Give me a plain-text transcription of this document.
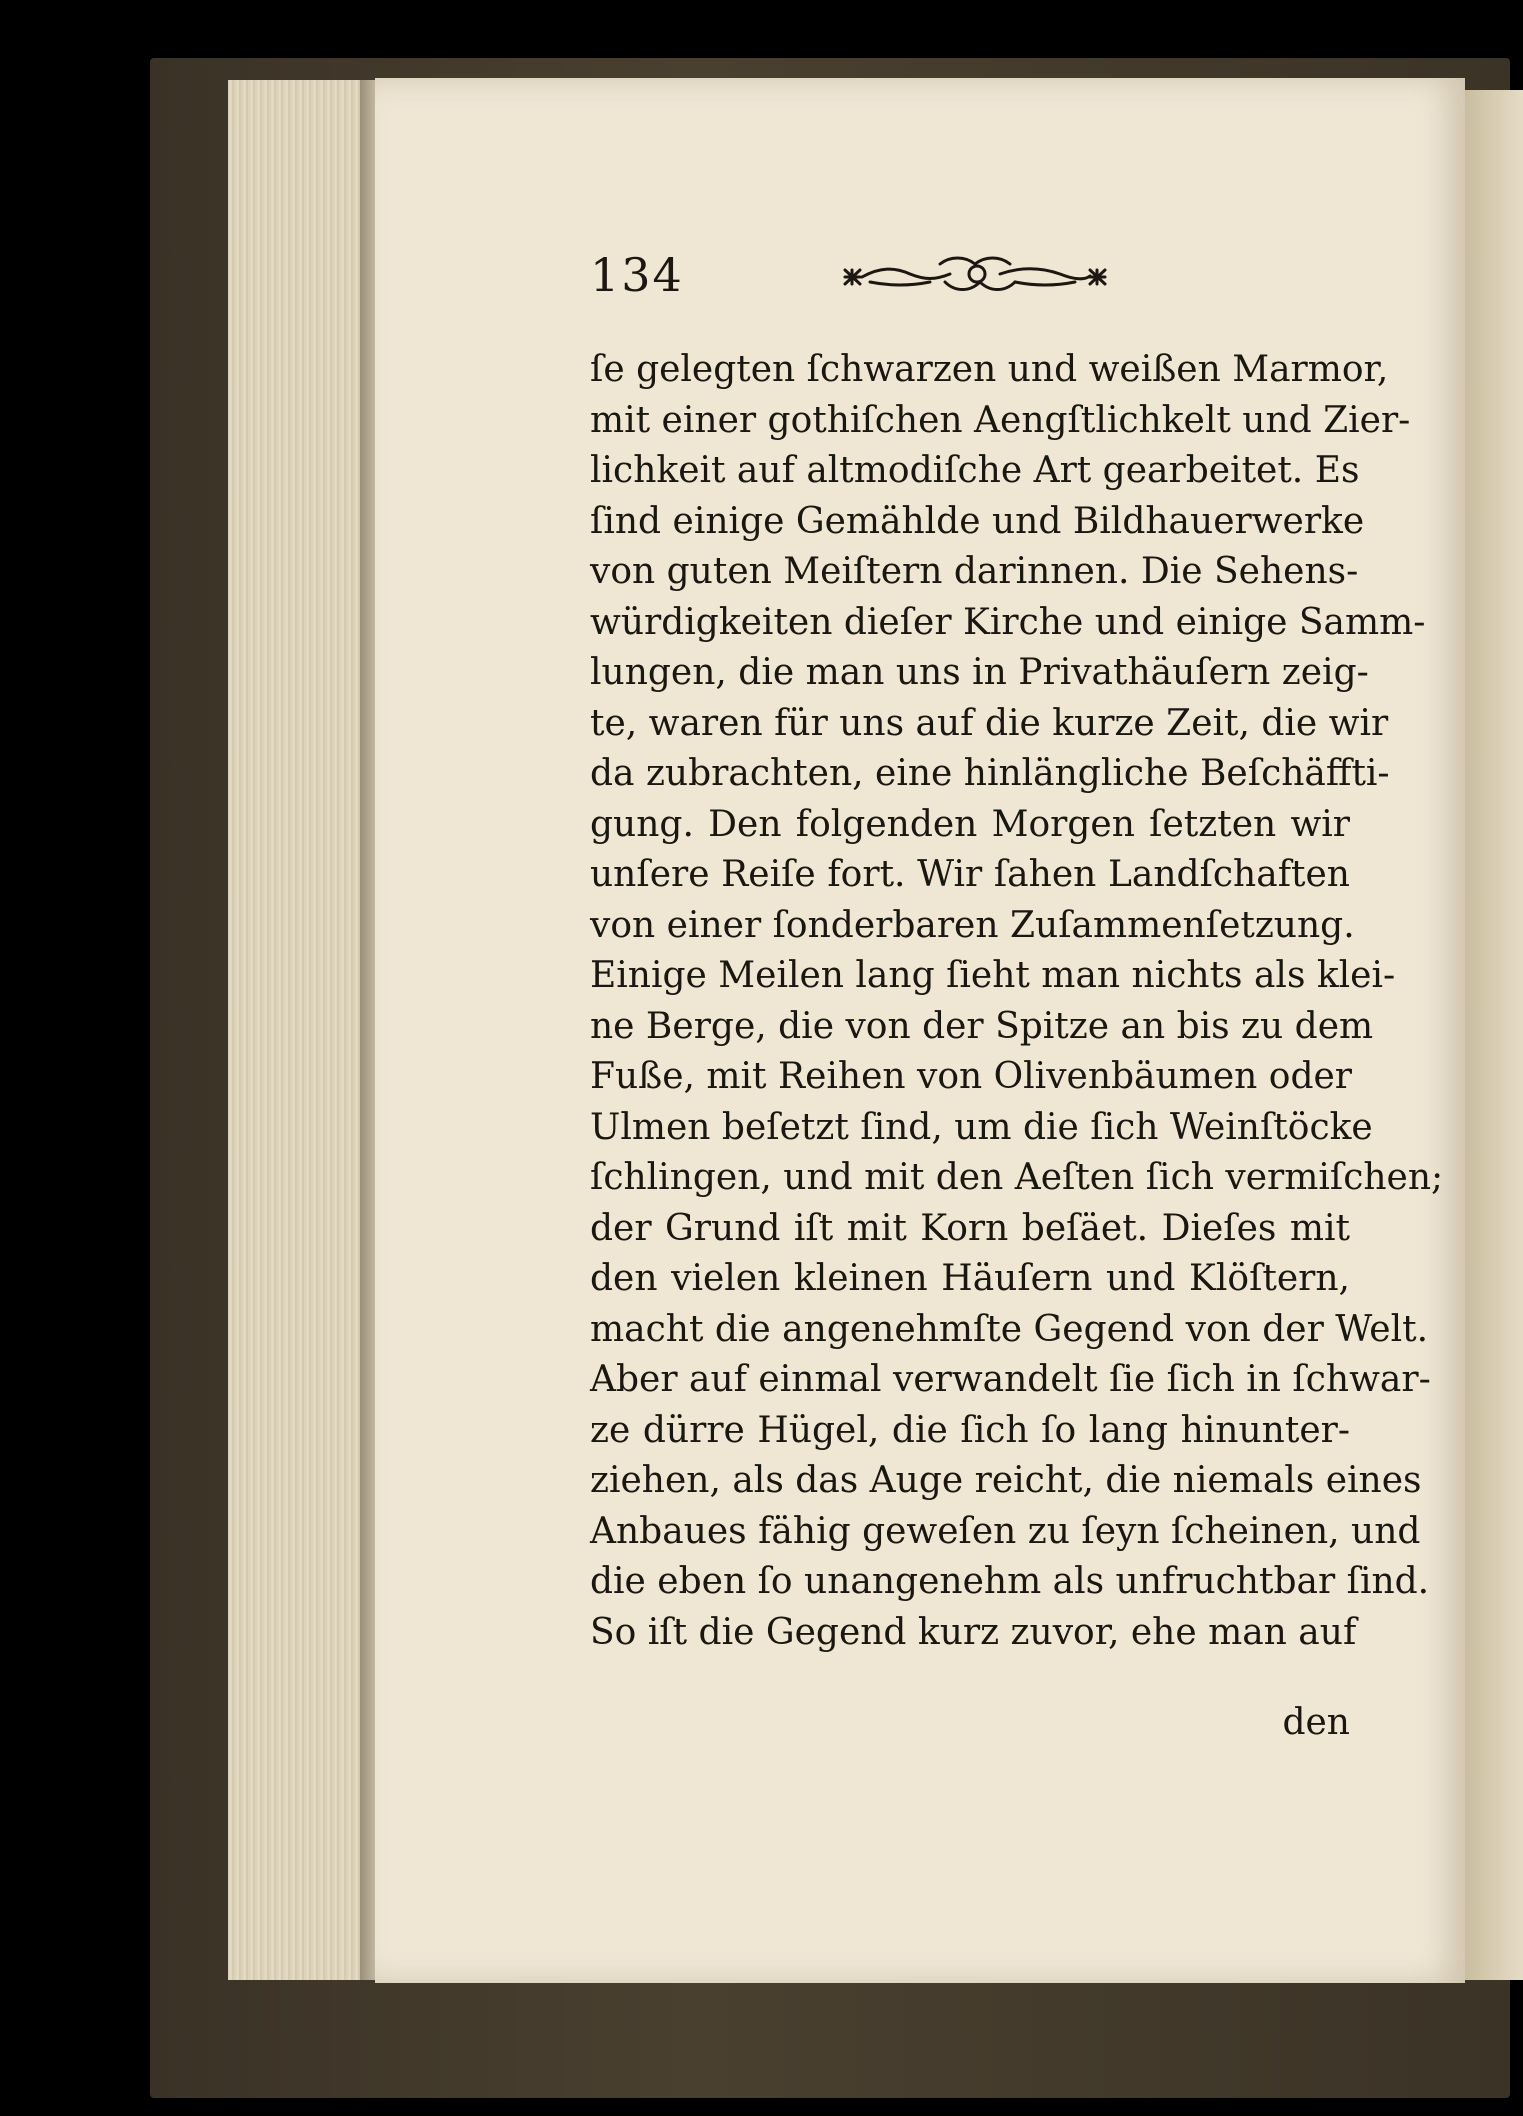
134
ſe gelegten ſchwarzen und weißen Marmor,
mit einer gothiſchen Aengſtlichkelt und Zier-
lichkeit auf altmodiſche Art gearbeitet. Es
ſind einige Gemählde und Bildhauerwerke
von guten Meiſtern darinnen. Die Sehens-
würdigkeiten dieſer Kirche und einige Samm-
lungen, die man uns in Privathäuſern zeig-
te, waren für uns auf die kurze Zeit, die wir
da zubrachten, eine hinlängliche Beſchäffti-
gung. Den folgenden Morgen ſetzten wir
unſere Reiſe fort. Wir ſahen Landſchaften
von einer ſonderbaren Zuſammenſetzung.
Einige Meilen lang ſieht man nichts als klei-
ne Berge, die von der Spitze an bis zu dem
Fuße, mit Reihen von Olivenbäumen oder
Ulmen beſetzt ſind, um die ſich Weinſtöcke
ſchlingen, und mit den Aeſten ſich vermiſchen;
der Grund iſt mit Korn beſäet. Dieſes mit
den vielen kleinen Häuſern und Klöſtern,
macht die angenehmſte Gegend von der Welt.
Aber auf einmal verwandelt ſie ſich in ſchwar-
ze dürre Hügel, die ſich ſo lang hinunter-
ziehen, als das Auge reicht, die niemals eines
Anbaues fähig geweſen zu ſeyn ſcheinen, und
die eben ſo unangenehm als unfruchtbar ſind.
So iſt die Gegend kurz zuvor, ehe man auf
den
